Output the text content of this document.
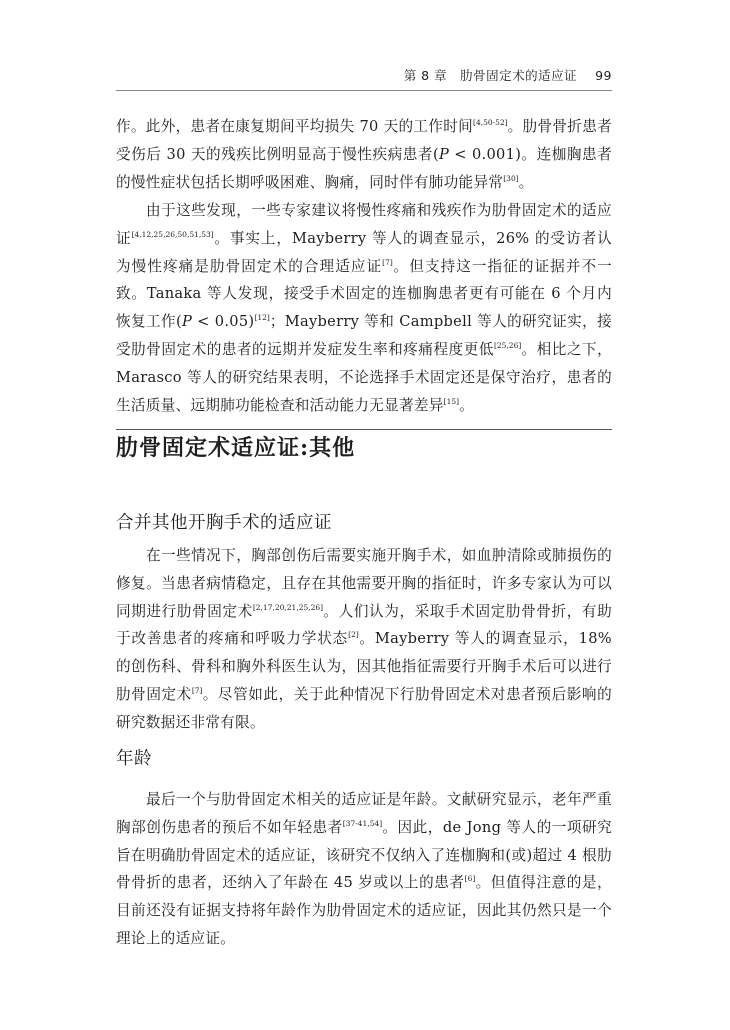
第 8 章　肋骨固定术的适应证 99

作。此外，患者在康复期间平均损失 70 天的工作时间[4,50-52]。肋骨骨折患者受伤后 30 天的残疾比例明显高于慢性疾病患者(P < 0.001)。连枷胸患者的慢性症状包括长期呼吸困难、胸痛，同时伴有肺功能异常[30]。

由于这些发现，一些专家建议将慢性疼痛和残疾作为肋骨固定术的适应证[4,12,25,26,50,51,53]。事实上，Mayberry 等人的调查显示，26% 的受访者认为慢性疼痛是肋骨固定术的合理适应证[7]。但支持这一指征的证据并不一致。Tanaka 等人发现，接受手术固定的连枷胸患者更有可能在 6 个月内恢复工作(P < 0.05)[12]；Mayberry 等和 Campbell 等人的研究证实，接受肋骨固定术的患者的远期并发症发生率和疼痛程度更低[25,26]。相比之下，Marasco 等人的研究结果表明，不论选择手术固定还是保守治疗，患者的生活质量、远期肺功能检查和活动能力无显著差异[15]。

肋骨固定术适应证:其他
合并其他开胸手术的适应证

在一些情况下，胸部创伤后需要实施开胸手术，如血肿清除或肺损伤的修复。当患者病情稳定，且存在其他需要开胸的指征时，许多专家认为可以同期进行肋骨固定术[2,17,20,21,25,26]。人们认为，采取手术固定肋骨骨折，有助于改善患者的疼痛和呼吸力学状态[2]。Mayberry 等人的调查显示，18% 的创伤科、骨科和胸外科医生认为，因其他指征需要行开胸手术后可以进行肋骨固定术[7]。尽管如此，关于此种情况下行肋骨固定术对患者预后影响的研究数据还非常有限。

年龄

最后一个与肋骨固定术相关的适应证是年龄。文献研究显示，老年严重胸部创伤患者的预后不如年轻患者[37-41,54]。因此，de Jong 等人的一项研究旨在明确肋骨固定术的适应证，该研究不仅纳入了连枷胸和(或)超过 4 根肋骨骨折的患者，还纳入了年龄在 45 岁或以上的患者[6]。但值得注意的是，目前还没有证据支持将年龄作为肋骨固定术的适应证，因此其仍然只是一个理论上的适应证。
